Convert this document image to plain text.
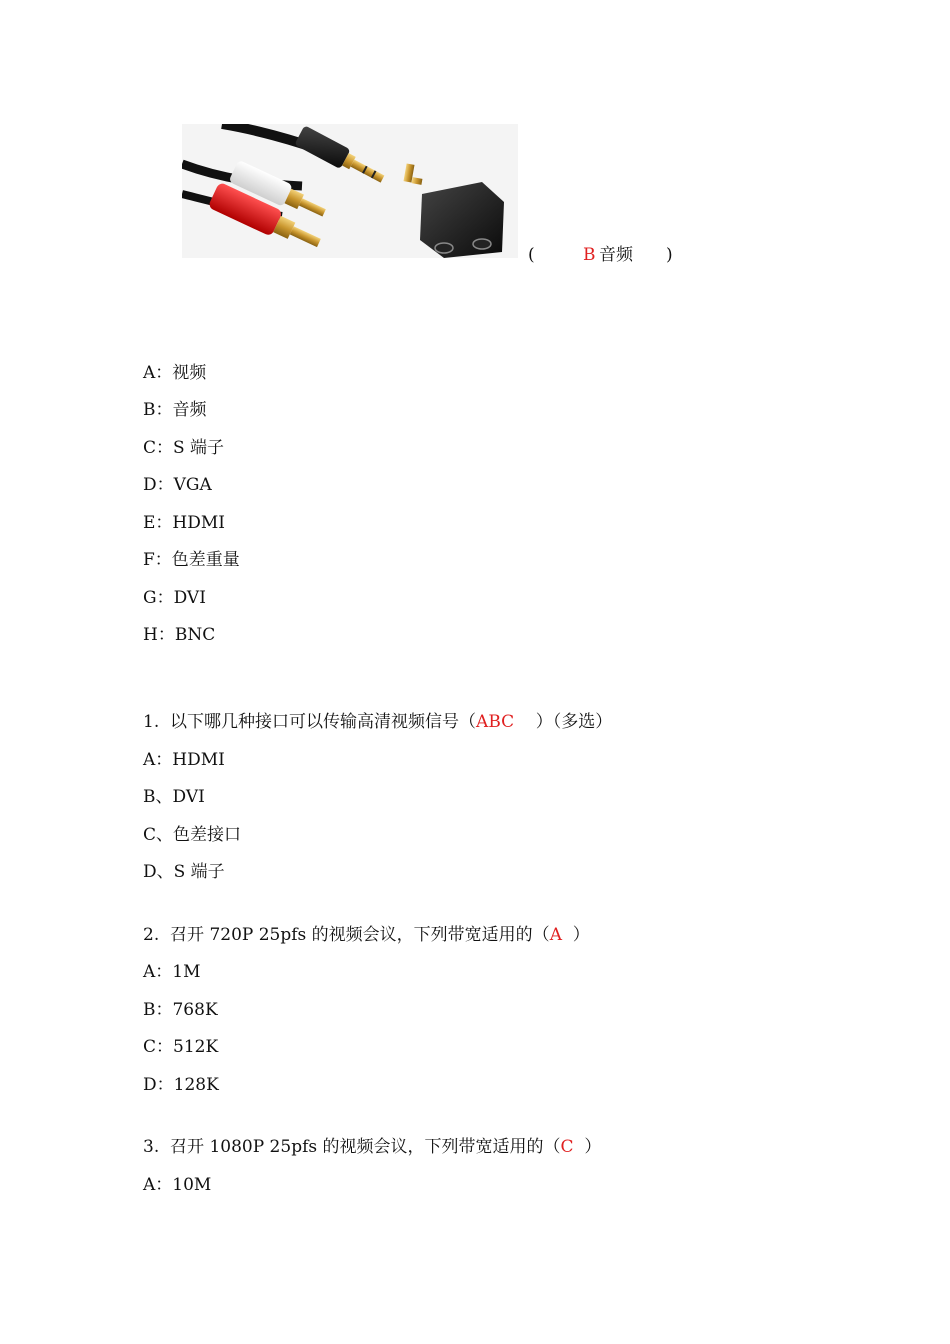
(	B 音频 )
A：视频
B：音频
C：S 端子
D：VGA
E：HDMI
F：色差重量
G：DVI
H：BNC
1. 以下哪几种接口可以传输高清视频信号（ABC ）（多选）
A：HDMI
B、DVI
C、色差接口
D、S 端子
2. 召开 720P 25pfs 的视频会议，下列带宽适用的（A ）
A：1M
B：768K
C：512K
D：128K
3. 召开 1080P 25pfs 的视频会议，下列带宽适用的（C ）
A：10M
